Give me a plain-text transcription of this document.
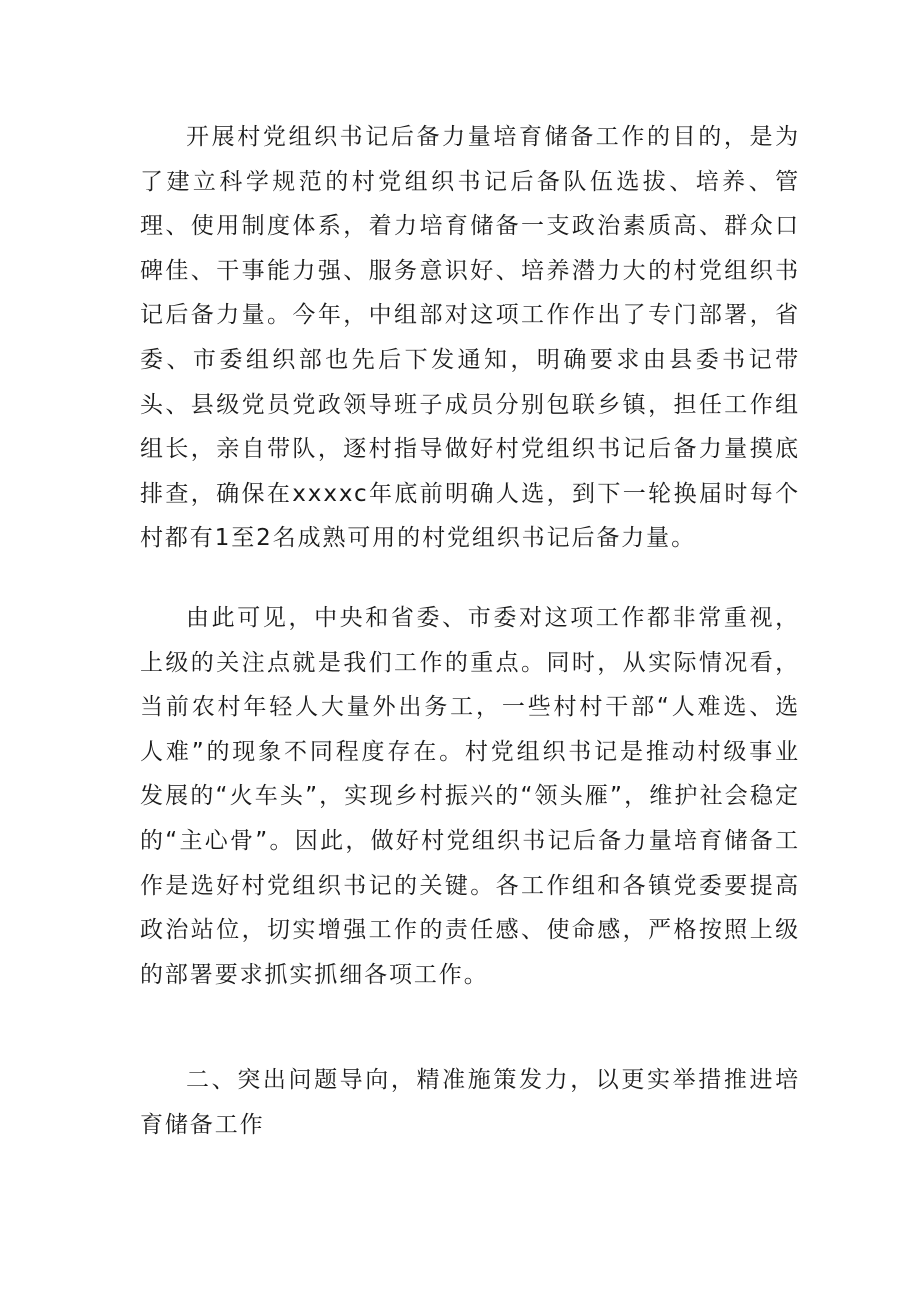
开展村党组织书记后备力量培育储备工作的目的，是为了建立科学规范的村党组织书记后备队伍选拔、培养、管理、使用制度体系，着力培育储备一支政治素质高、群众口碑佳、干事能力强、服务意识好、培养潜力大的村党组织书记后备力量。今年，中组部对这项工作作出了专门部署，省委、市委组织部也先后下发通知，明确要求由县委书记带头、县级党员党政领导班子成员分别包联乡镇，担任工作组组长，亲自带队，逐村指导做好村党组织书记后备力量摸底排查，确保在xxxxc年底前明确人选，到下一轮换届时每个村都有1至2名成熟可用的村党组织书记后备力量。

由此可见，中央和省委、市委对这项工作都非常重视，上级的关注点就是我们工作的重点。同时，从实际情况看，当前农村年轻人大量外出务工，一些村村干部“人难选、选人难”的现象不同程度存在。村党组织书记是推动村级事业发展的“火车头”，实现乡村振兴的“领头雁”，维护社会稳定的“主心骨”。因此，做好村党组织书记后备力量培育储备工作是选好村党组织书记的关键。各工作组和各镇党委要提高政治站位，切实增强工作的责任感、使命感，严格按照上级的部署要求抓实抓细各项工作。

二、突出问题导向，精准施策发力，以更实举措推进培育储备工作
